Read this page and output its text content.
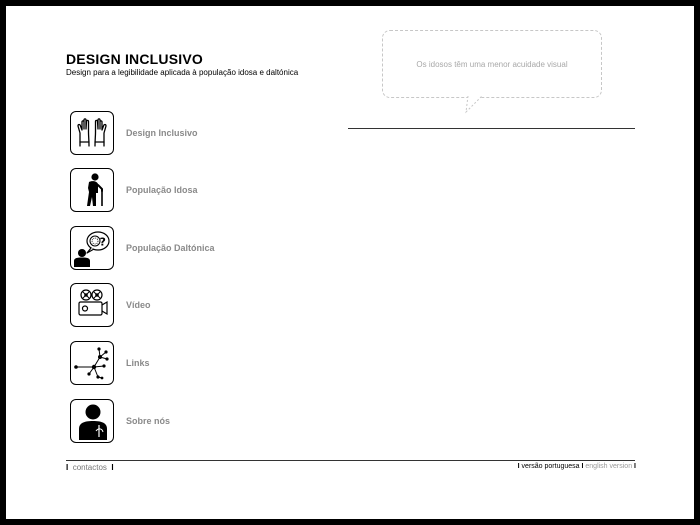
DESIGN INCLUSIVO

Design para a legibilidade aplicada à população idosa e daltónica

Os idosos têm uma menor acuidade visual
Design Inclusivo
População Idosa
? População Daltónica
Vídeo
Links
Sobre nós
I contactos I	I versão portuguesa I english version I
